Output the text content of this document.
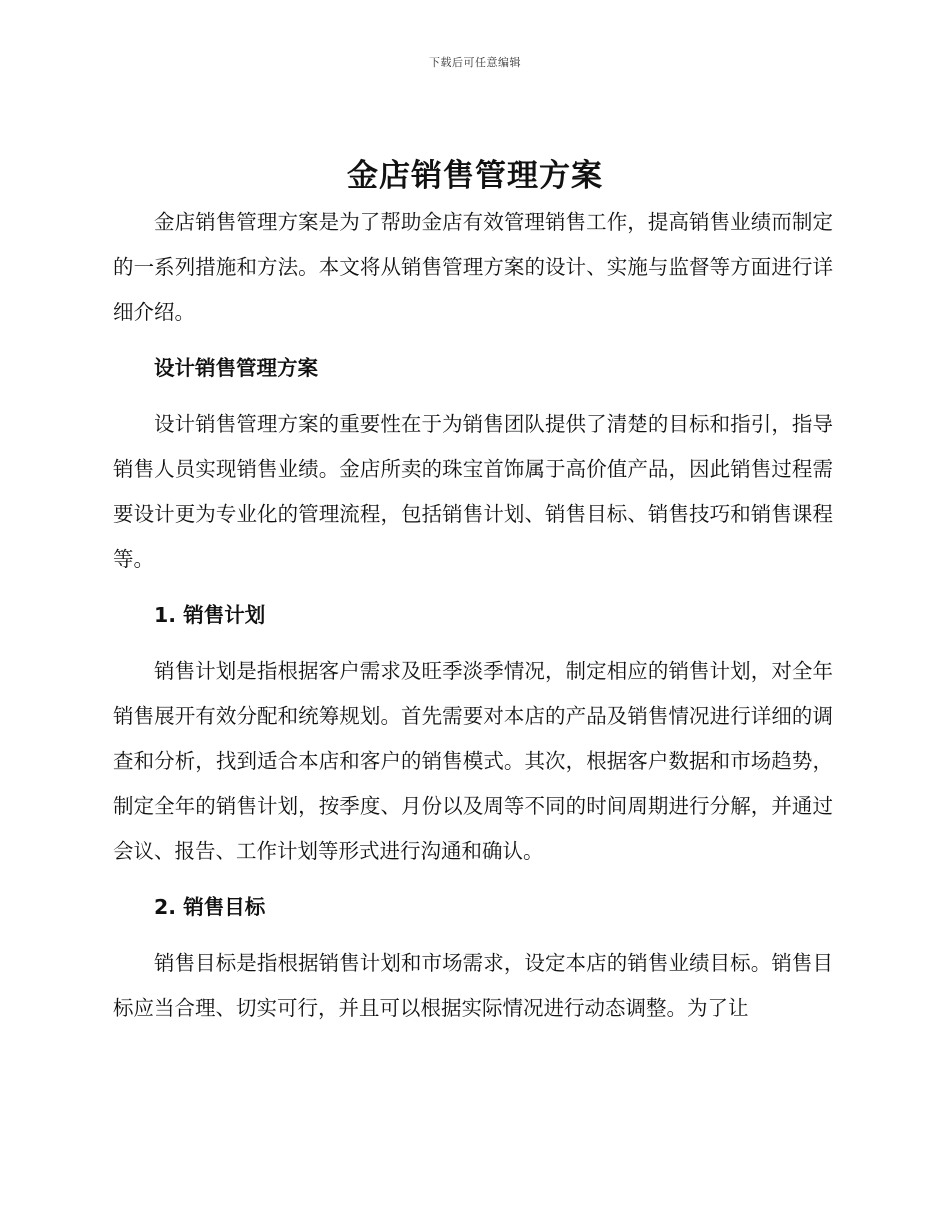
下载后可任意编辑
金店销售管理方案

金店销售管理方案是为了帮助金店有效管理销售工作，提高销售业绩而制定的一系列措施和方法。本文将从销售管理方案的设计、实施与监督等方面进行详细介绍。

设计销售管理方案

设计销售管理方案的重要性在于为销售团队提供了清楚的目标和指引，指导销售人员实现销售业绩。金店所卖的珠宝首饰属于高价值产品，因此销售过程需要设计更为专业化的管理流程，包括销售计划、销售目标、销售技巧和销售课程等。

1. 销售计划

销售计划是指根据客户需求及旺季淡季情况，制定相应的销售计划，对全年销售展开有效分配和统筹规划。首先需要对本店的产品及销售情况进行详细的调查和分析，找到适合本店和客户的销售模式。其次，根据客户数据和市场趋势，制定全年的销售计划，按季度、月份以及周等不同的时间周期进行分解，并通过会议、报告、工作计划等形式进行沟通和确认。

2. 销售目标

销售目标是指根据销售计划和市场需求，设定本店的销售业绩目标。销售目标应当合理、切实可行，并且可以根据实际情况进行动态调整。为了让
